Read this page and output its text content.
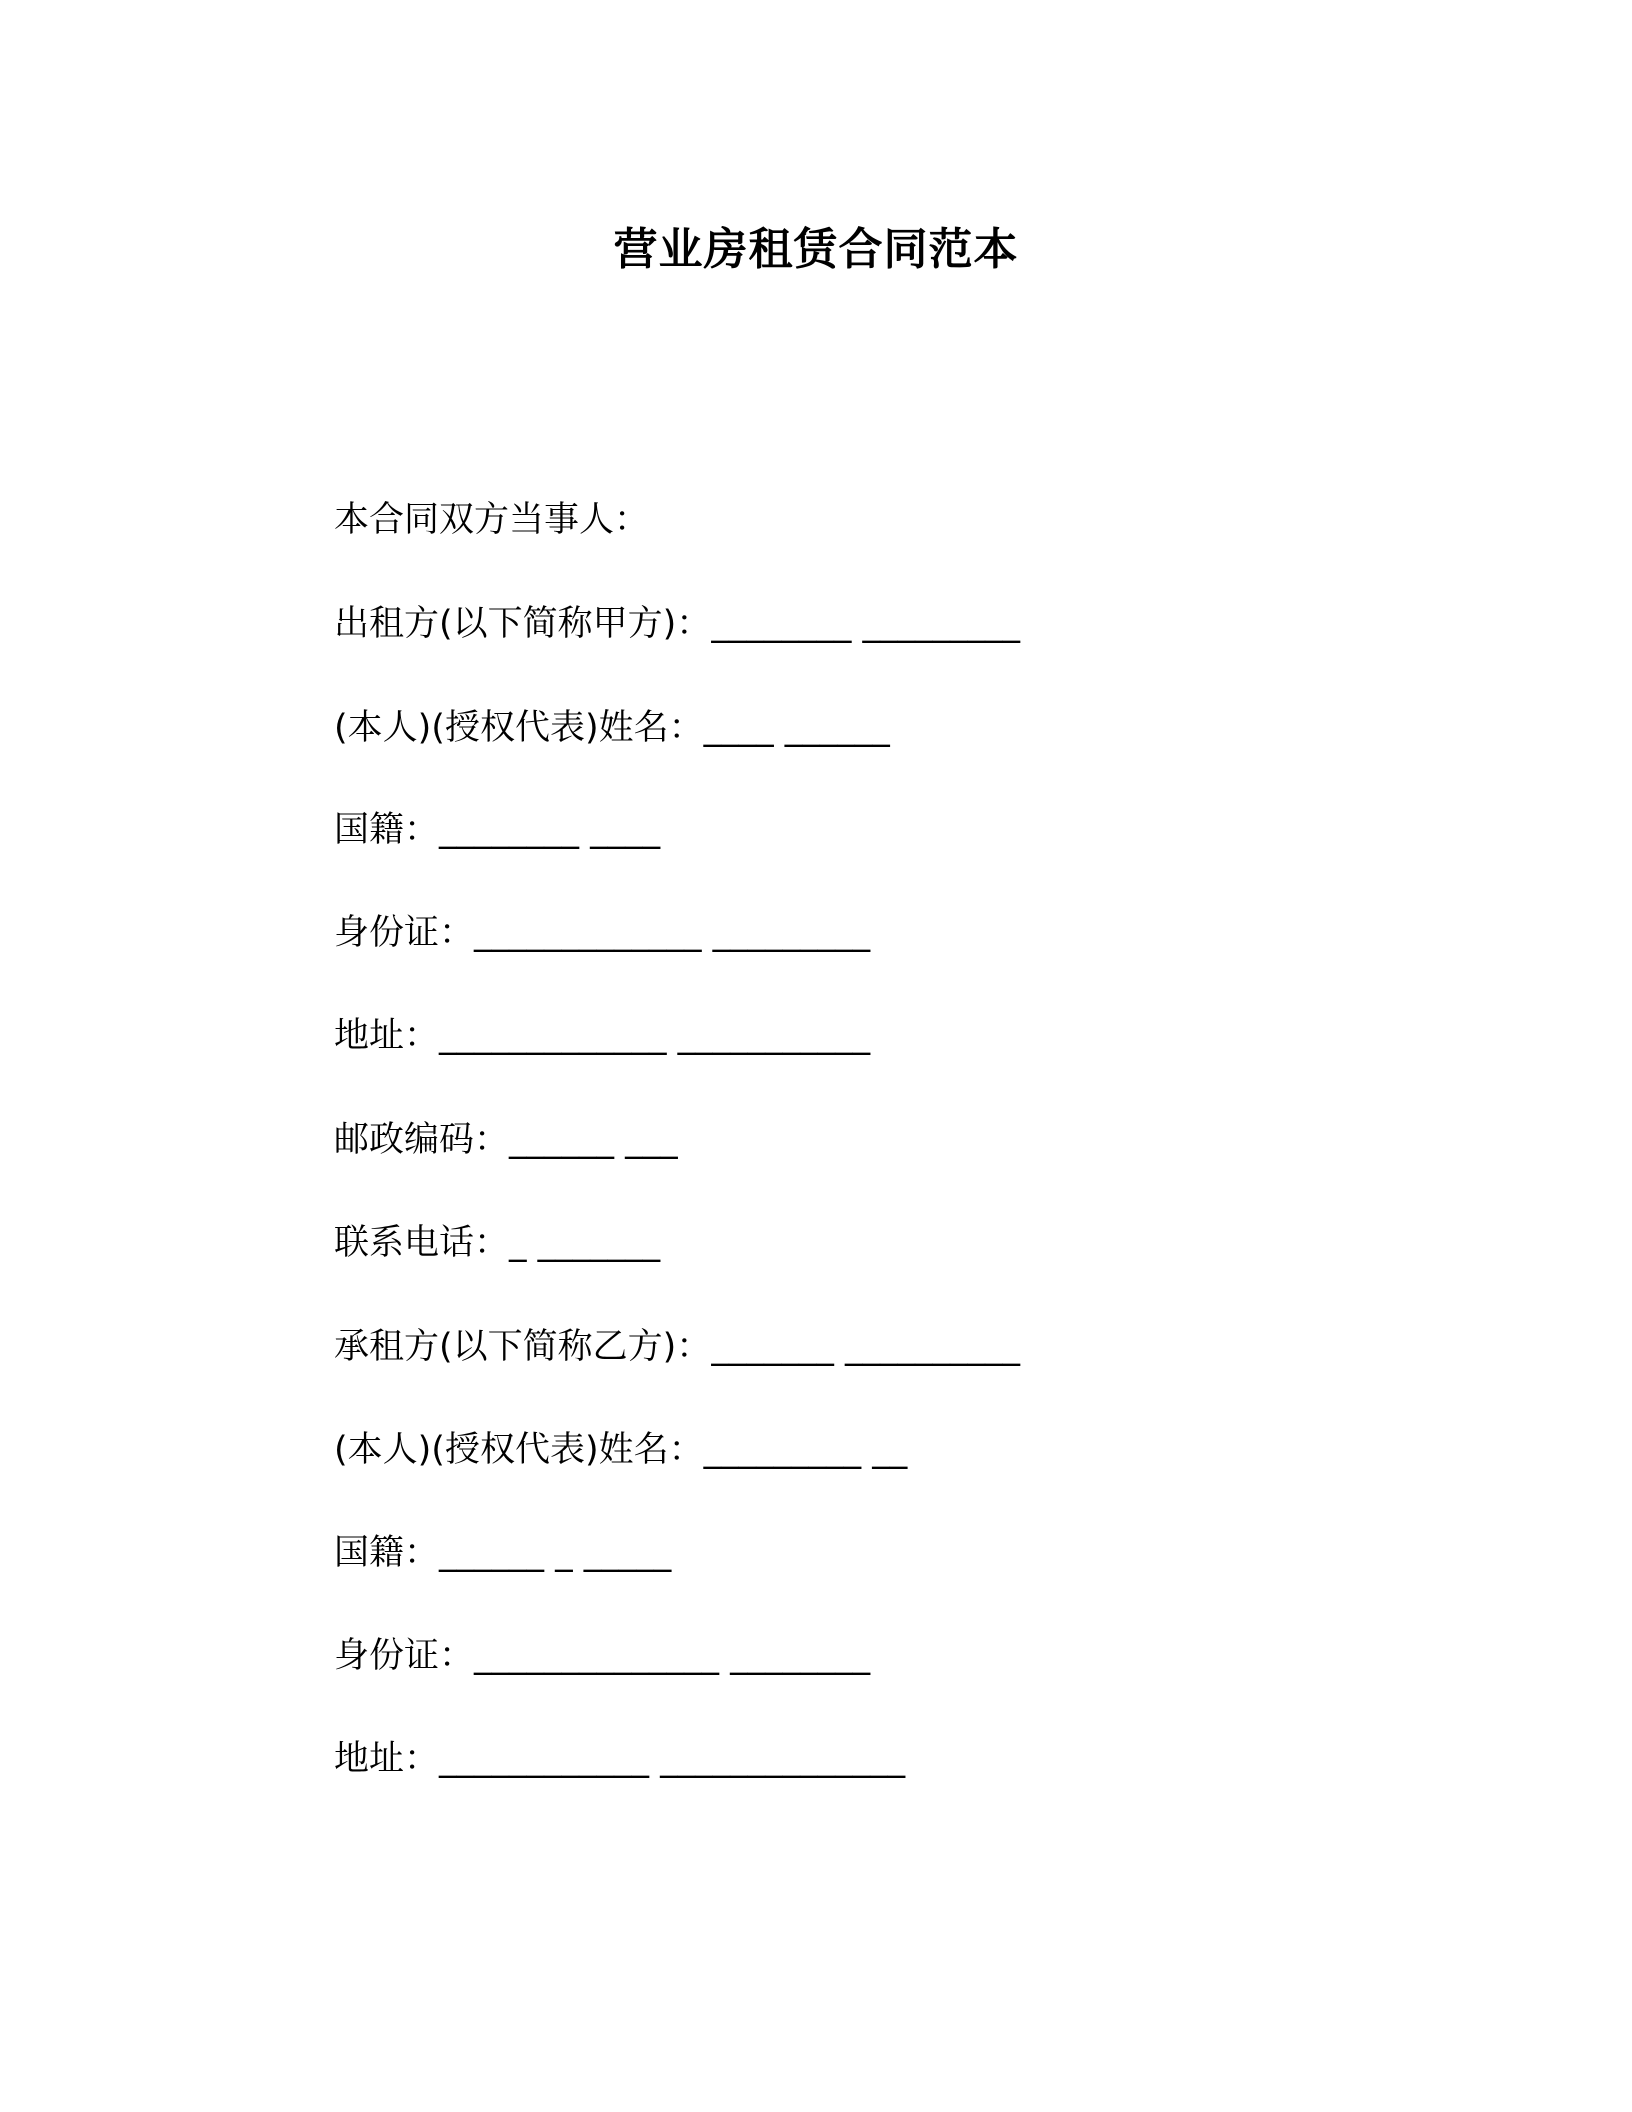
营业房租赁合同范本
本合同双方当事人：
出租方(以下简称甲方)：________ _________
(本人)(授权代表)姓名：____ ______
国籍：________ ____
身份证：_____________ _________
地址：_____________ ___________
邮政编码：______ ___
联系电话：_ _______
承租方(以下简称乙方)：_______ __________
(本人)(授权代表)姓名：_________ __
国籍：______ _ _____
身份证：______________ ________
地址：____________ ______________
